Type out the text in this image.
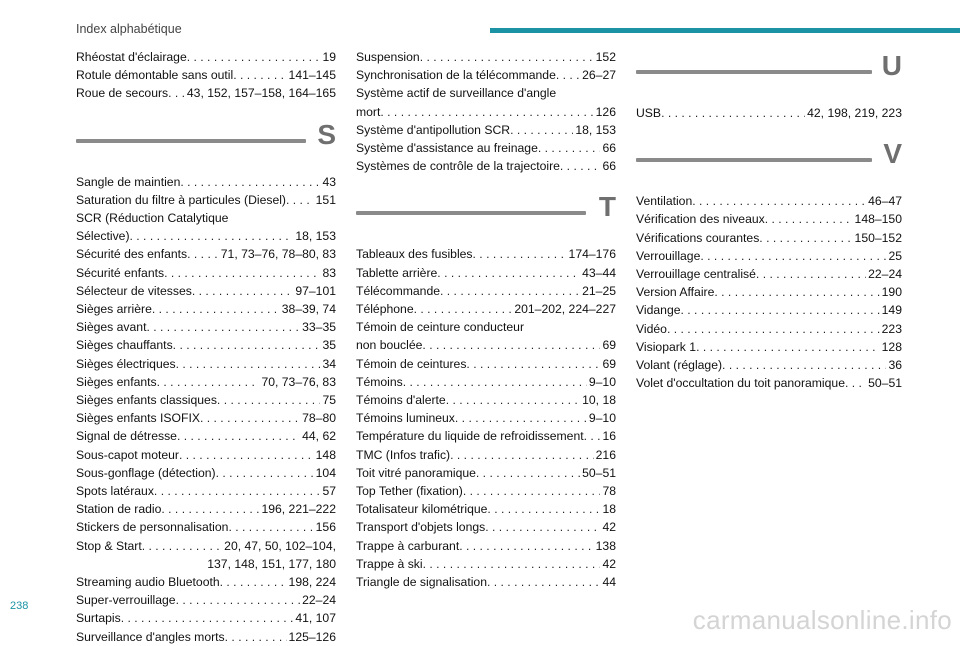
Index alphabétique
Rhéostat d'éclairage . . .	19
Rotule démontable sans outil . . .	141–145
Roue de secours . . . 43, 152, 157–158, 164–165
S
Sangle de maintien . . .	43
Saturation du filtre à particules (Diesel) . . . 151
SCR (Réduction Catalytique
Sélective) . . .	18, 153
Sécurité des enfants . . .	71, 73–76, 78–80, 83
Sécurité enfants . . .	83
Sélecteur de vitesses . . .	97–101
Sièges arrière . . .	38–39, 74
Sièges avant . . .	33–35
Sièges chauffants . . .	35
Sièges électriques . . .	34
Sièges enfants . . .	70, 73–76, 83
Sièges enfants classiques . . .	75
Sièges enfants ISOFIX . . .	78–80
Signal de détresse . . .	44, 62
Sous-capot moteur . . .	148
Sous-gonflage (détection) . . .	104
Spots latéraux . . .	57
Station de radio . . .	196, 221–222
Stickers de personnalisation . . .	156
Stop & Start . . .	20, 47, 50, 102–104,
137, 148, 151, 177, 180
Streaming audio Bluetooth . . .	198, 224
Super-verrouillage . . .	22–24
Surtapis . . .	41, 107
Surveillance d'angles morts . . .	125–126
Suspension . . .	152
Synchronisation de la télécommande . . . 26–27
Système actif de surveillance d'angle
mort . . .	126
Système d'antipollution SCR . . .	18, 153
Système d'assistance au freinage . . .	66
Systèmes de contrôle de la trajectoire . . .	66
T
Tableaux des fusibles . . .	174–176
Tablette arrière . . .	43–44
Télécommande . . .	21–25
Téléphone . . .	201–202, 224–227
Témoin de ceinture conducteur
non bouclée . . .	69
Témoin de ceintures . . .	69
Témoins . . .	9–10
Témoins d'alerte . . .	10, 18
Témoins lumineux . . .	9–10
Température du liquide de refroidissement . . . 16
TMC (Infos trafic) . . .	216
Toit vitré panoramique . . .	50–51
Top Tether (fixation) . . .	78
Totalisateur kilométrique . . .	18
Transport d'objets longs . . .	42
Trappe à carburant . . .	138
Trappe à ski . . .	42
Triangle de signalisation . . .	44
U
USB . . .	42, 198, 219, 223
V
Ventilation . . .	46–47
Vérification des niveaux . . .	148–150
Vérifications courantes . . .	150–152
Verrouillage . . .	25
Verrouillage centralisé . . .	22–24
Version Affaire . . .	190
Vidange . . .	149
Vidéo . . .	223
Visiopark 1 . . .	128
Volant (réglage) . . .	36
Volet d'occultation du toit panoramique . . . 50–51
238	carmanualsonline.info
